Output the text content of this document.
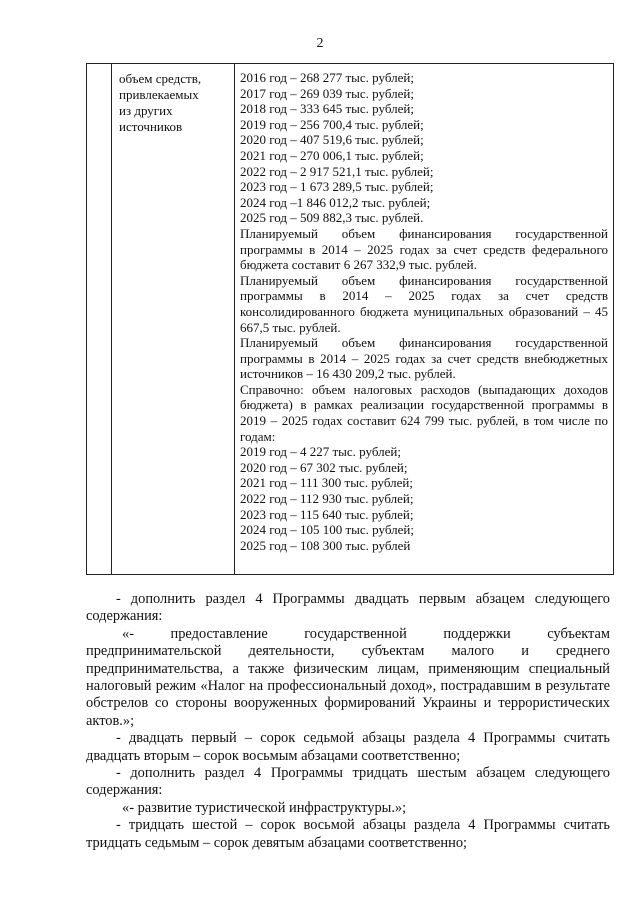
2
объем средств,
привлекаемых
из других
источников
2016 год – 268 277 тыс. рублей;
2017 год – 269 039 тыс. рублей;
2018 год – 333 645 тыс. рублей;
2019 год – 256 700,4 тыс. рублей;
2020 год – 407 519,6 тыс. рублей;
2021 год – 270 006,1 тыс. рублей;
2022 год – 2 917 521,1 тыс. рублей;
2023 год – 1 673 289,5 тыс. рублей;
2024 год –1 846 012,2 тыс. рублей;
2025 год – 509 882,3 тыс. рублей.

Планируемый объем финансирования государственной программы в 2014 – 2025 годах за счет средств федерального бюджета составит 6 267 332,9 тыс. рублей.

Планируемый объем финансирования государственной программы в 2014 – 2025 годах за счет средств консолидированного бюджета муниципальных образований – 45 667,5 тыс. рублей.

Планируемый объем финансирования государственной программы в 2014 – 2025 годах за счет средств внебюджетных источников – 16 430 209,2 тыс. рублей.

Справочно: объем налоговых расходов (выпадающих доходов бюджета) в рамках реализации государственной программы в 2019 – 2025 годах составит 624 799 тыс. рублей, в том числе по годам:

2019 год – 4 227 тыс. рублей;
2020 год – 67 302 тыс. рублей;
2021 год – 111 300 тыс. рублей;
2022 год – 112 930 тыс. рублей;
2023 год – 115 640 тыс. рублей;
2024 год – 105 100 тыс. рублей;
2025 год – 108 300 тыс. рублей

- дополнить раздел 4 Программы двадцать первым абзацем следующего содержания:

«- предоставление государственной поддержки субъектам предпринимательской деятельности, субъектам малого и среднего предпринимательства, а также физическим лицам, применяющим специальный налоговый режим «Налог на профессиональный доход», пострадавшим в результате обстрелов со стороны вооруженных формирований Украины и террористических актов.»;

- двадцать первый – сорок седьмой абзацы раздела 4 Программы считать двадцать вторым – сорок восьмым абзацами соответственно;

- дополнить раздел 4 Программы тридцать шестым абзацем следующего содержания:

«- развитие туристической инфраструктуры.»;

- тридцать шестой – сорок восьмой абзацы раздела 4 Программы считать тридцать седьмым – сорок девятым абзацами соответственно;
